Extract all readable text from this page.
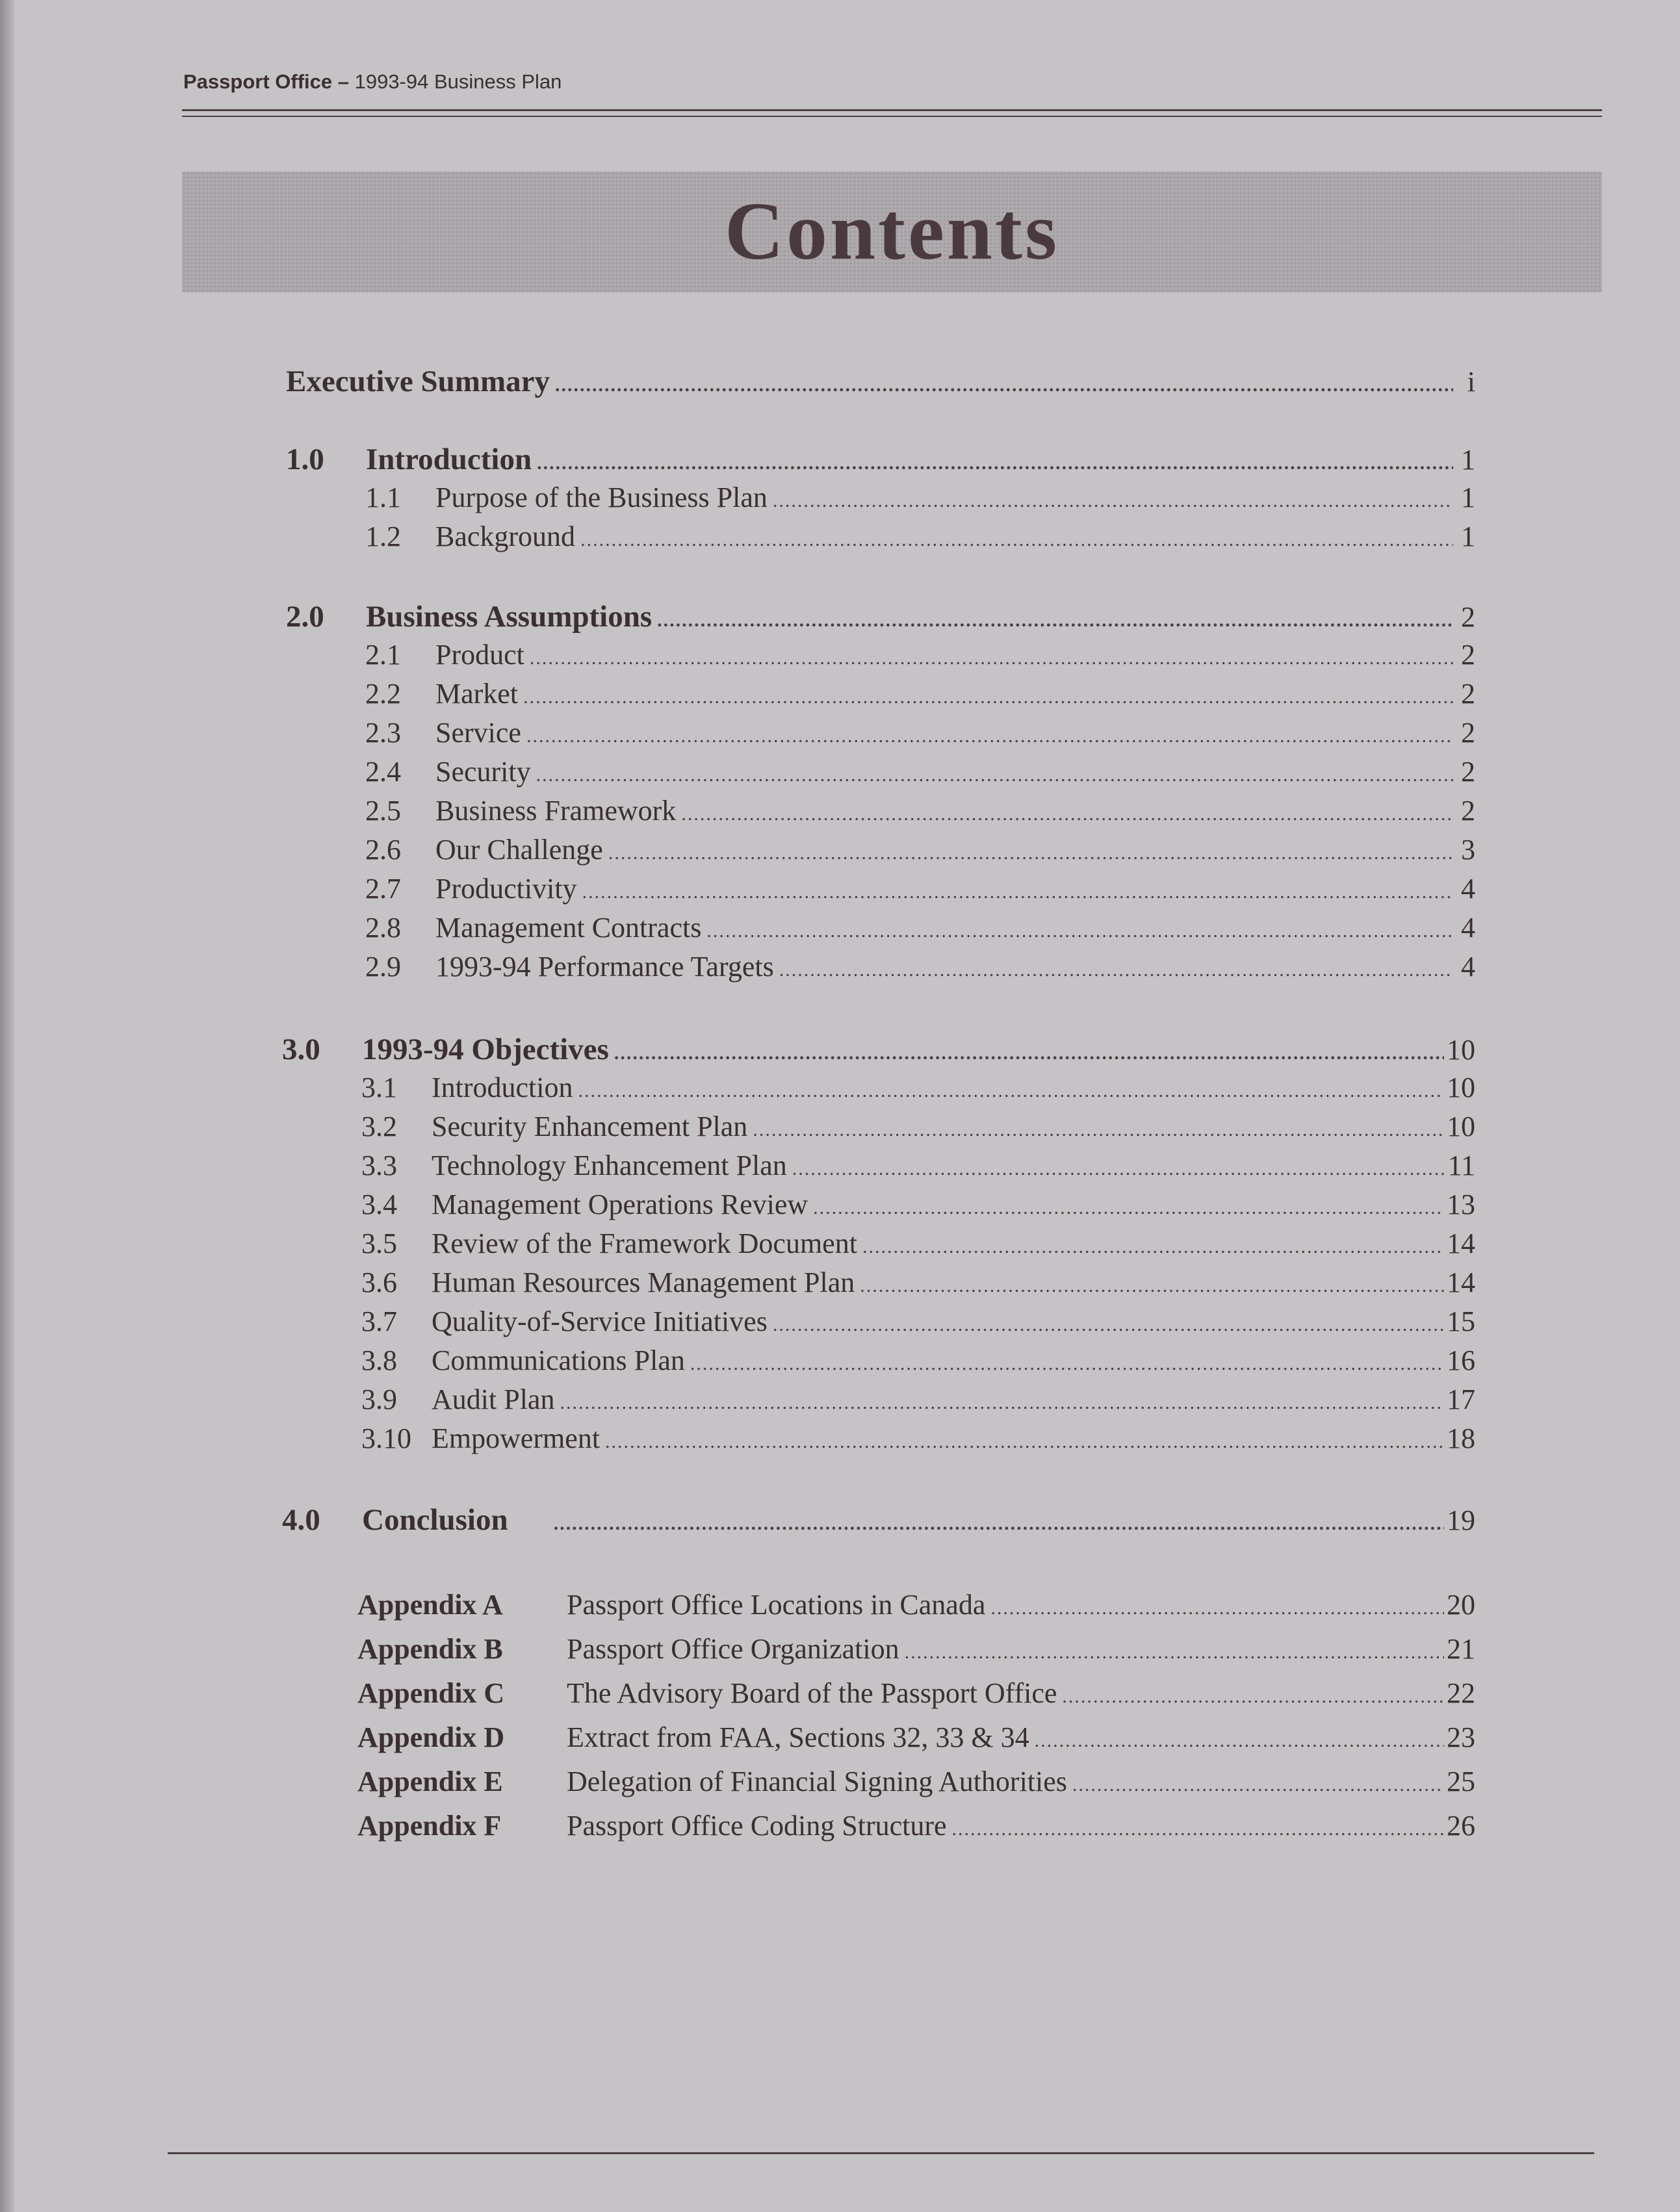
Passport Office – 1993-94 Business Plan
Contents
Executive Summary .....	i
1.0	Introduction .....	1
1.1	Purpose of the Business Plan .....	1
1.2	Background .....	1
2.0	Business Assumptions .....	2
2.1	Product .....	2
2.2	Market .....	2
2.3	Service .....	2
2.4	Security .....	2
2.5	Business Framework .....	2
2.6	Our Challenge .....	3
2.7	Productivity .....	4
2.8	Management Contracts .....	4
2.9	1993-94 Performance Targets .....	4
3.0	1993-94 Objectives .....	10
3.1	Introduction .....	10
3.2	Security Enhancement Plan .....	10
3.3	Technology Enhancement Plan .....	11
3.4	Management Operations Review .....	13
3.5	Review of the Framework Document .....	14
3.6	Human Resources Management Plan .....	14
3.7	Quality-of-Service Initiatives .....	15
3.8	Communications Plan .....	16
3.9	Audit Plan .....	17
3.10 Empowerment .....	18
4.0	Conclusion .....	19
Appendix A	Passport Office Locations in Canada .....	20
Appendix B	Passport Office Organization .....	21
Appendix C	The Advisory Board of the Passport Office .....	22
Appendix D	Extract from FAA, Sections 32, 33 & 34 .....	23
Appendix E	Delegation of Financial Signing Authorities .....	25
Appendix F	Passport Office Coding Structure .....	26
